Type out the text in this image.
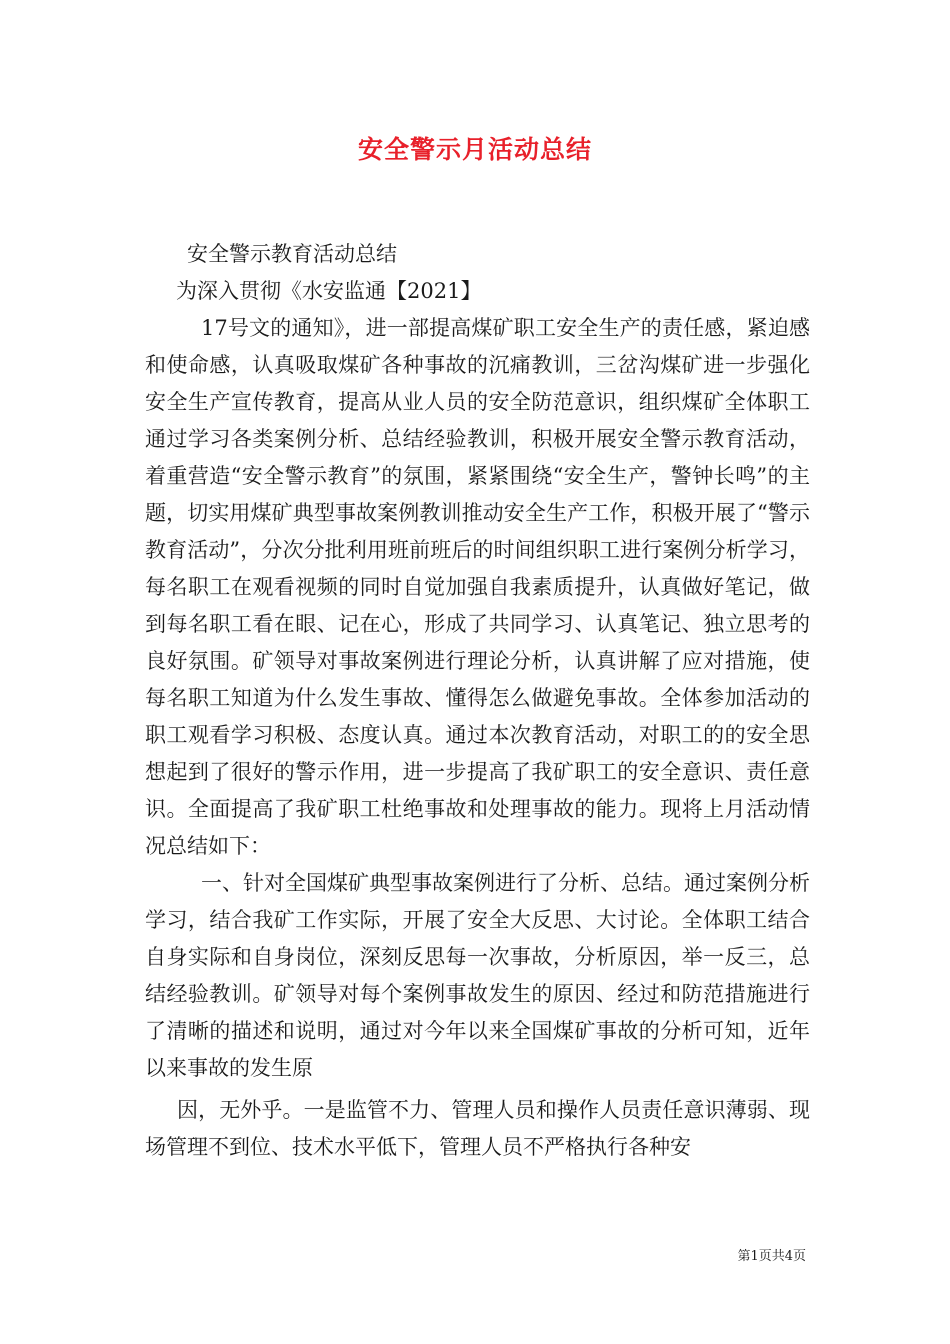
安全警示月活动总结

安全警示教育活动总结

为深入贯彻《水安监通【2021】

17号文的通知》，进一部提高煤矿职工安全生产的责任感，紧迫感和使命感，认真吸取煤矿各种事故的沉痛教训，三岔沟煤矿进一步强化安全生产宣传教育，提高从业人员的安全防范意识，组织煤矿全体职工通过学习各类案例分析、总结经验教训，积极开展安全警示教育活动，着重营造“安全警示教育”的氛围，紧紧围绕“安全生产，警钟长鸣”的主题，切实用煤矿典型事故案例教训推动安全生产工作，积极开展了“警示教育活动”，分次分批利用班前班后的时间组织职工进行案例分析学习，每名职工在观看视频的同时自觉加强自我素质提升，认真做好笔记，做到每名职工看在眼、记在心，形成了共同学习、认真笔记、独立思考的良好氛围。矿领导对事故案例进行理论分析，认真讲解了应对措施，使每名职工知道为什么发生事故、懂得怎么做避免事故。全体参加活动的职工观看学习积极、态度认真。通过本次教育活动，对职工的的安全思想起到了很好的警示作用，进一步提高了我矿职工的安全意识、责任意识。全面提高了我矿职工杜绝事故和处理事故的能力。现将上月活动情况总结如下：

一、针对全国煤矿典型事故案例进行了分析、总结。通过案例分析学习，结合我矿工作实际，开展了安全大反思、大讨论。全体职工结合自身实际和自身岗位，深刻反思每一次事故，分析原因，举一反三，总结经验教训。矿领导对每个案例事故发生的原因、经过和防范措施进行了清晰的描述和说明，通过对今年以来全国煤矿事故的分析可知，近年以来事故的发生原

因，无外乎。一是监管不力、管理人员和操作人员责任意识薄弱、现场管理不到位、技术水平低下，管理人员不严格执行各种安

第1页共4页
